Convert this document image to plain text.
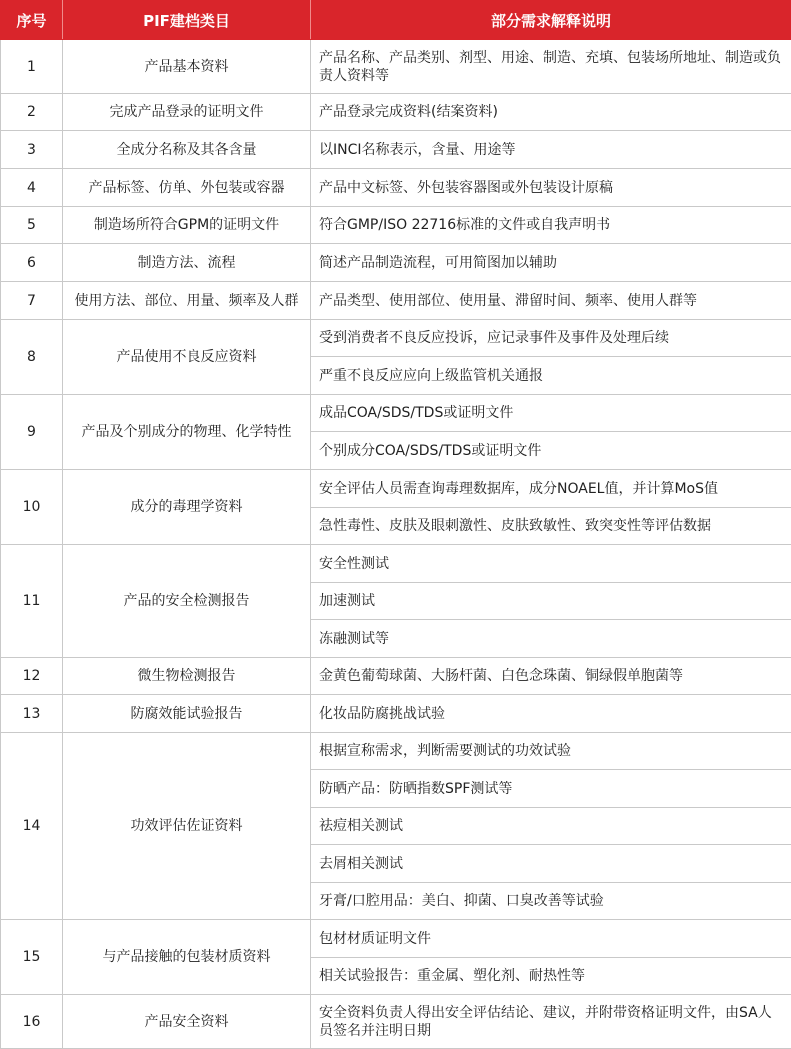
序号	PIF建档类目	部分需求解释说明
1	产品基本资料	产品名称、产品类别、剂型、用途、制造、充填、包装场所地址、制造或负责人资料等
2	完成产品登录的证明文件	产品登录完成资料(结案资料)
3	全成分名称及其各含量	以INCI名称表示，含量、用途等
4	产品标签、仿单、外包装或容器	产品中文标签、外包装容器图或外包装设计原稿
5	制造场所符合GPM的证明文件	符合GMP/ISO 22716标准的文件或自我声明书
6	制造方法、流程	简述产品制造流程，可用简图加以辅助
7	使用方法、部位、用量、频率及人群	产品类型、使用部位、使用量、滞留时间、频率、使用人群等
8	产品使用不良反应资料	受到消费者不良反应投诉，应记录事件及事件及处理后续
		严重不良反应应向上级监管机关通报
9	产品及个别成分的物理、化学特性	成品COA/SDS/TDS或证明文件
		个别成分COA/SDS/TDS或证明文件
10	成分的毒理学资料	安全评估人员需查询毒理数据库，成分NOAEL值，并计算MoS值
		急性毒性、皮肤及眼刺激性、皮肤致敏性、致突变性等评估数据
11	产品的安全检测报告	安全性测试
		加速测试
		冻融测试等
12	微生物检测报告	金黄色葡萄球菌、大肠杆菌、白色念珠菌、铜绿假单胞菌等
13	防腐效能试验报告	化妆品防腐挑战试验
14	功效评估佐证资料	根据宣称需求，判断需要测试的功效试验
		防晒产品：防晒指数SPF测试等
		祛痘相关测试
		去屑相关测试
		牙膏/口腔用品：美白、抑菌、口臭改善等试验
15	与产品接触的包装材质资料	包材材质证明文件
		相关试验报告：重金属、塑化剂、耐热性等
16	产品安全资料	安全资料负责人得出安全评估结论、建议，并附带资格证明文件，由SA人员签名并注明日期
